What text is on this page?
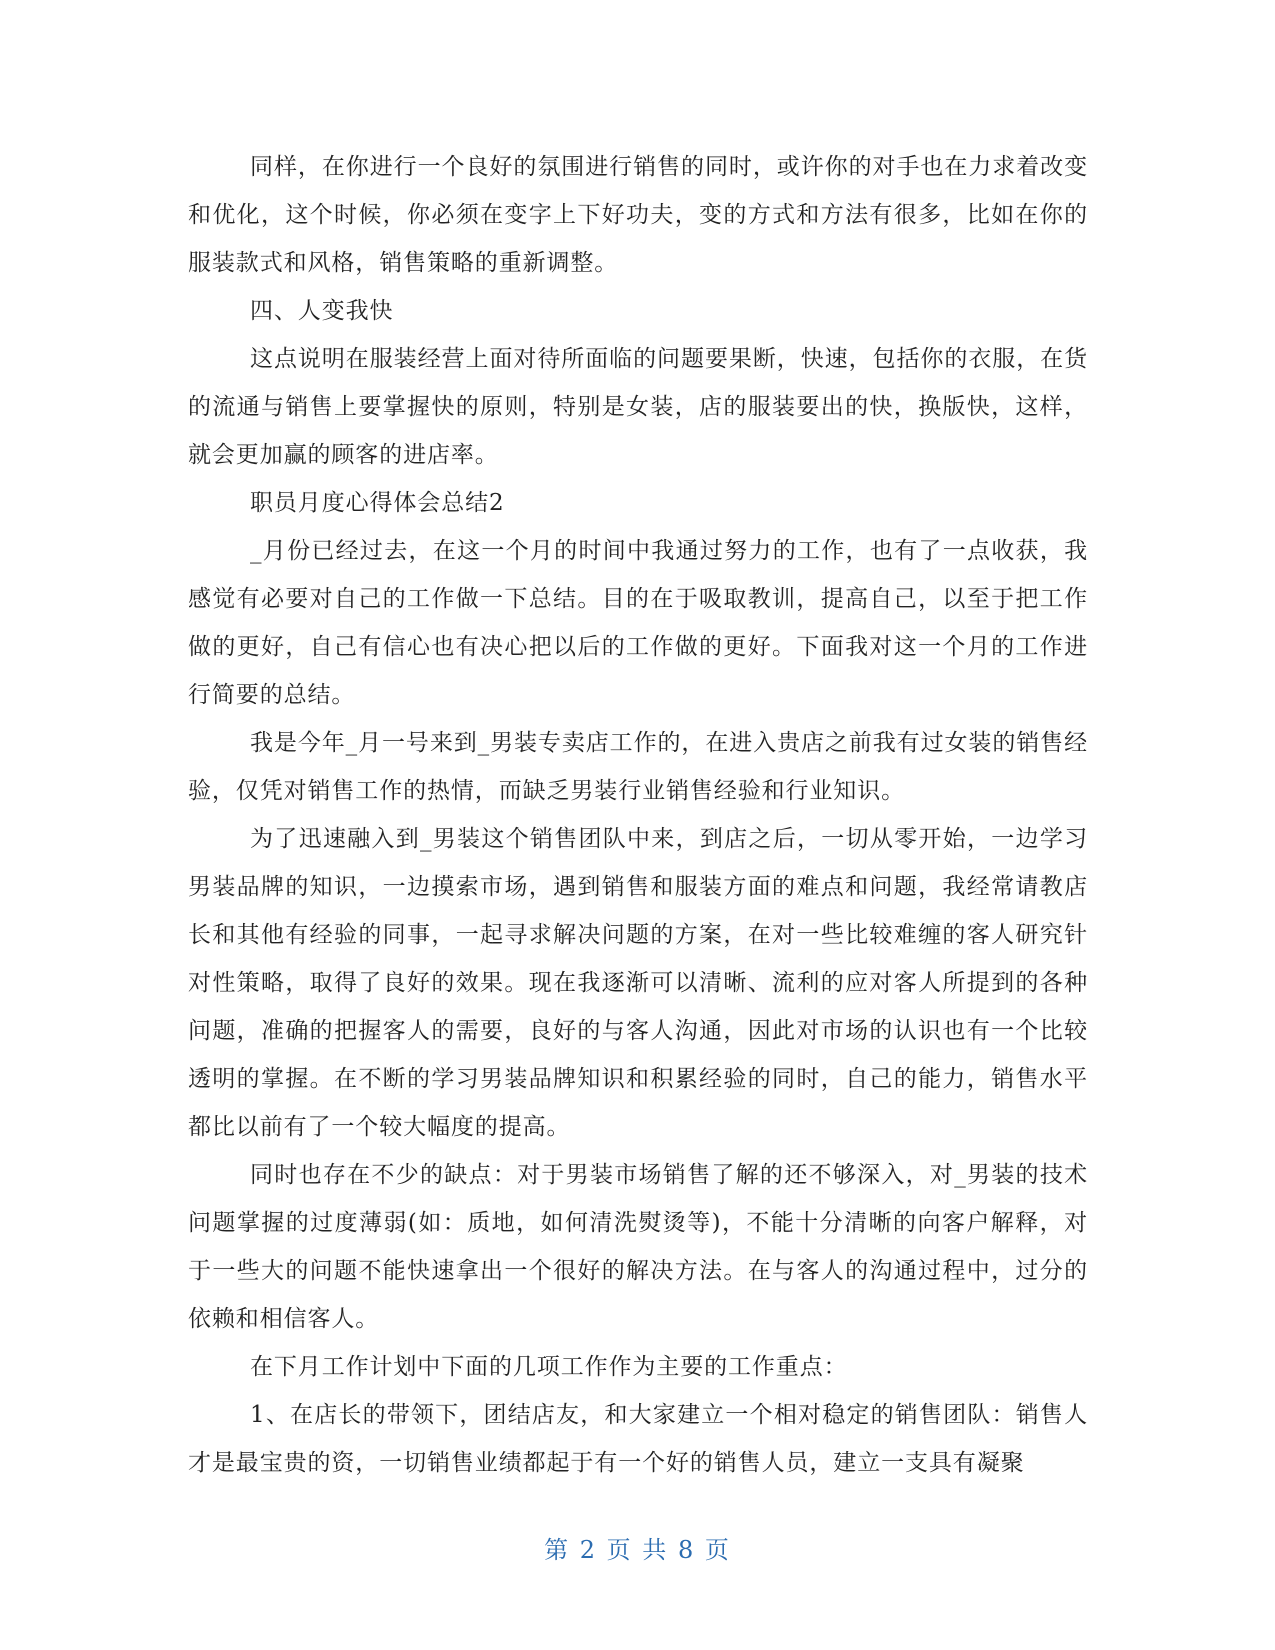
同样，在你进行一个良好的氛围进行销售的同时，或许你的对手也在力求着改变和优化，这个时候，你必须在变字上下好功夫，变的方式和方法有很多，比如在你的服装款式和风格，销售策略的重新调整。

四、人变我快

这点说明在服装经营上面对待所面临的问题要果断，快速，包括你的衣服，在货的流通与销售上要掌握快的原则，特别是女装，店的服装要出的快，换版快，这样，就会更加赢的顾客的进店率。

职员月度心得体会总结2

_月份已经过去，在这一个月的时间中我通过努力的工作，也有了一点收获，我感觉有必要对自己的工作做一下总结。目的在于吸取教训，提高自己，以至于把工作做的更好，自己有信心也有决心把以后的工作做的更好。下面我对这一个月的工作进行简要的总结。

我是今年_月一号来到_男装专卖店工作的，在进入贵店之前我有过女装的销售经验，仅凭对销售工作的热情，而缺乏男装行业销售经验和行业知识。

为了迅速融入到_男装这个销售团队中来，到店之后，一切从零开始，一边学习男装品牌的知识，一边摸索市场，遇到销售和服装方面的难点和问题，我经常请教店长和其他有经验的同事，一起寻求解决问题的方案，在对一些比较难缠的客人研究针对性策略，取得了良好的效果。现在我逐渐可以清晰、流利的应对客人所提到的各种问题，准确的把握客人的需要，良好的与客人沟通，因此对市场的认识也有一个比较透明的掌握。在不断的学习男装品牌知识和积累经验的同时，自己的能力，销售水平都比以前有了一个较大幅度的提高。

同时也存在不少的缺点：对于男装市场销售了解的还不够深入，对_男装的技术问题掌握的过度薄弱(如：质地，如何清洗熨烫等)，不能十分清晰的向客户解释，对于一些大的问题不能快速拿出一个很好的解决方法。在与客人的沟通过程中，过分的依赖和相信客人。

在下月工作计划中下面的几项工作作为主要的工作重点：

1、在店长的带领下，团结店友，和大家建立一个相对稳定的销售团队：销售人才是最宝贵的资，一切销售业绩都起于有一个好的销售人员，建立一支具有凝聚

第 2 页 共 8 页
